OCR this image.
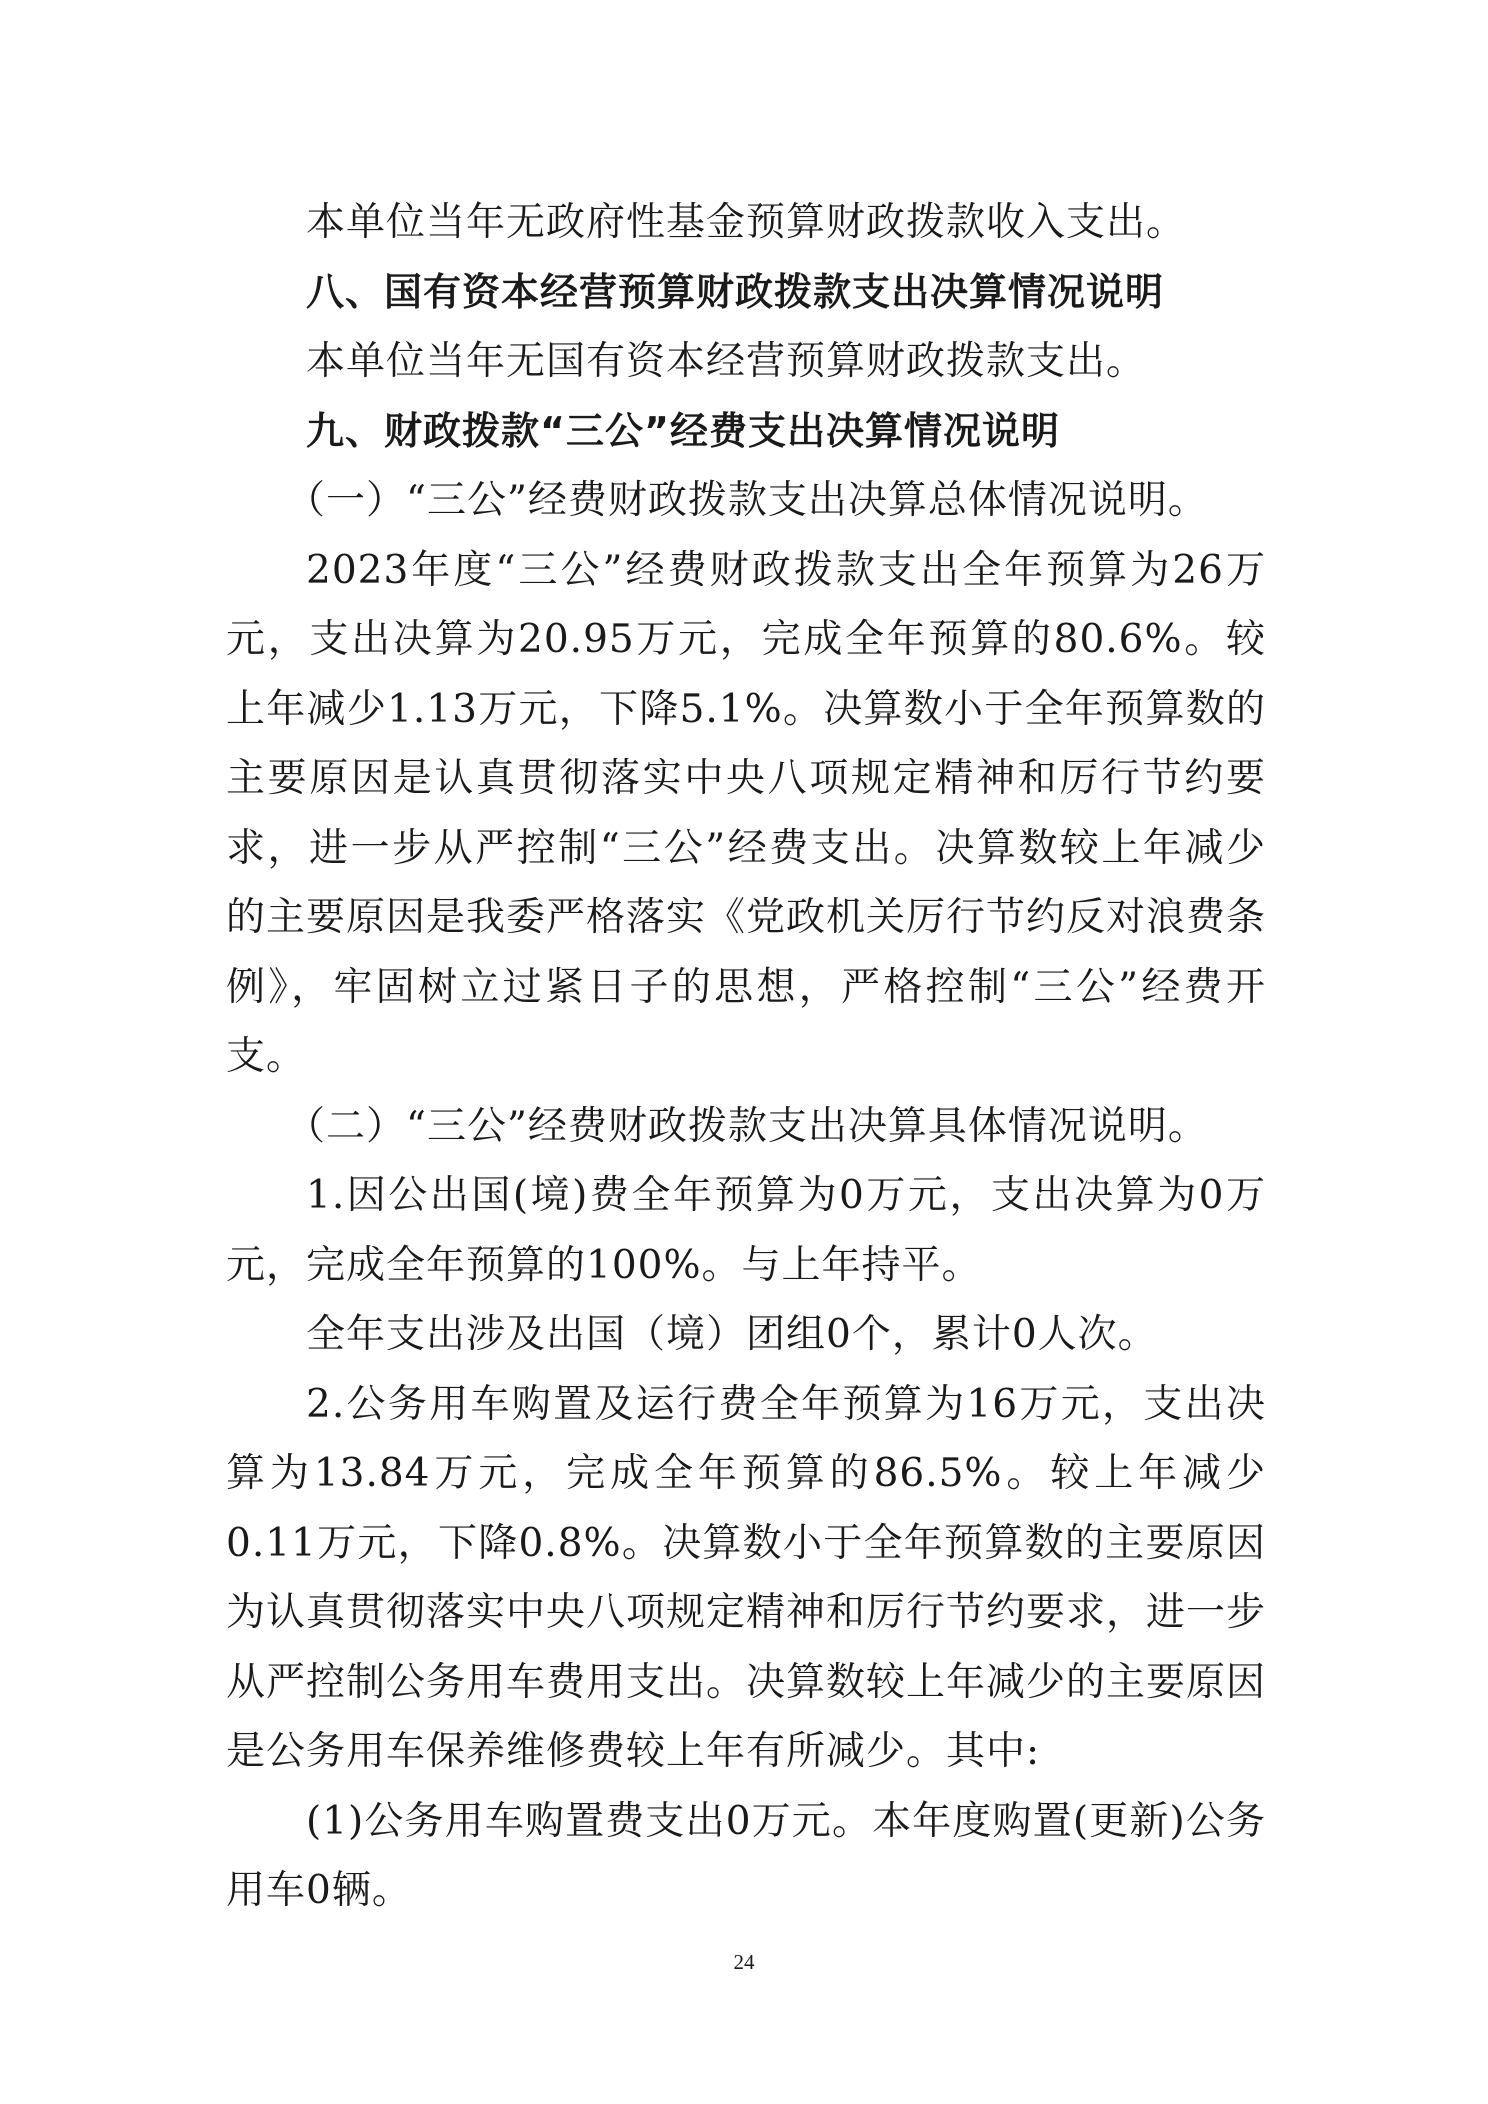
本单位当年无政府性基金预算财政拨款收入支出。

八、国有资本经营预算财政拨款支出决算情况说明

本单位当年无国有资本经营预算财政拨款支出。

九、财政拨款“三公”经费支出决算情况说明

（一）“三公”经费财政拨款支出决算总体情况说明。

2023年度“三公”经费财政拨款支出全年预算为26万元，支出决算为20.95万元，完成全年预算的80.6%。较上年减少1.13万元，下降5.1%。决算数小于全年预算数的主要原因是认真贯彻落实中央八项规定精神和厉行节约要求，进一步从严控制“三公”经费支出。决算数较上年减少的主要原因是我委严格落实《党政机关厉行节约反对浪费条例》，牢固树立过紧日子的思想，严格控制“三公”经费开支。

（二）“三公”经费财政拨款支出决算具体情况说明。

1.因公出国(境)费全年预算为0万元，支出决算为0万元，完成全年预算的100%。与上年持平。

全年支出涉及出国（境）团组0个，累计0人次。

2.公务用车购置及运行费全年预算为16万元，支出决算为13.84万元，完成全年预算的86.5%。较上年减少0.11万元，下降0.8%。决算数小于全年预算数的主要原因为认真贯彻落实中央八项规定精神和厉行节约要求，进一步从严控制公务用车费用支出。决算数较上年减少的主要原因是公务用车保养维修费较上年有所减少。其中:

(1)公务用车购置费支出0万元。本年度购置(更新)公务用车0辆。

24
